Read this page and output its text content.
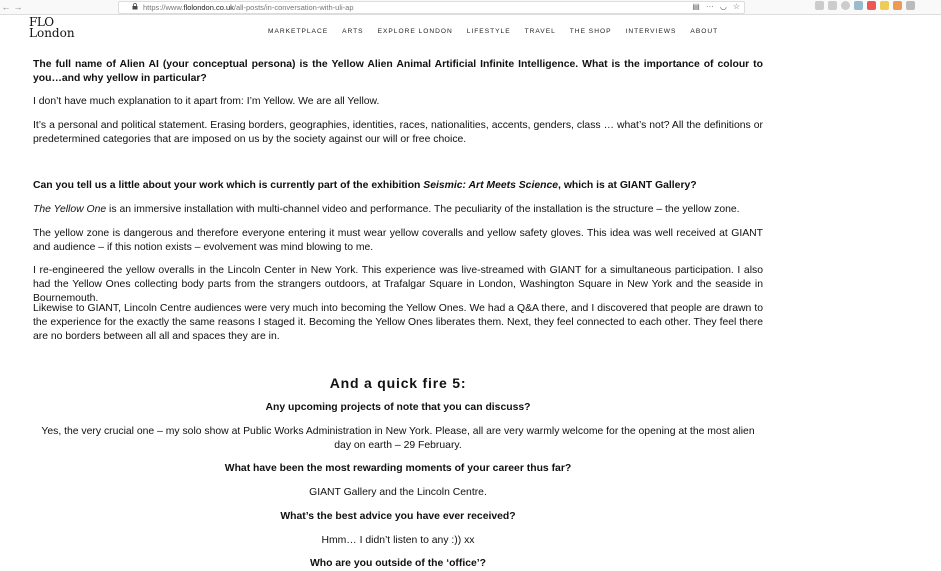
← →	https://www.flolondon.co.uk/all-posts/in-conversation-with-uli-ap	▤ ··· ◡ ☆
FLO
London	MARKETPLACE ARTS EXPLORE LONDON LIFESTYLE TRAVEL THE SHOP INTERVIEWS ABOUT

The full name of Alien AI (your conceptual persona) is the Yellow Alien Animal Artificial Infinite Intelligence. What is the importance of colour to you…and why yellow in particular?

I don’t have much explanation to it apart from: I’m Yellow. We are all Yellow.

It’s a personal and political statement. Erasing borders, geographies, identities, races, nationalities, accents, genders, class … what’s not? All the definitions or predetermined categories that are imposed on us by the society against our will or free choice.

Can you tell us a little about your work which is currently part of the exhibition Seismic: Art Meets Science, which is at GIANT Gallery?

The Yellow One is an immersive installation with multi-channel video and performance. The peculiarity of the installation is the structure – the yellow zone.

The yellow zone is dangerous and therefore everyone entering it must wear yellow coveralls and yellow safety gloves. This idea was well received at GIANT and audience – if this notion exists – evolvement was mind blowing to me.

I re-engineered the yellow overalls in the Lincoln Center in New York. This experience was live-streamed with GIANT for a simultaneous participation. I also had the Yellow Ones collecting body parts from the strangers outdoors, at Trafalgar Square in London, Washington Square in New York and the seaside in Bournemouth.

Likewise to GIANT, Lincoln Centre audiences were very much into becoming the Yellow Ones. We had a Q&A there, and I discovered that people are drawn to the experience for the exactly the same reasons I staged it. Becoming the Yellow Ones liberates them. Next, they feel connected to each other. They feel there are no borders between all all and spaces they are in.

And a quick fire 5:
Any upcoming projects of note that you can discuss?
Yes, the very crucial one – my solo show at Public Works Administration in New York. Please, all are very warmly welcome for the opening at the most alien day on earth – 29 February.
What have been the most rewarding moments of your career thus far?
GIANT Gallery and the Lincoln Centre.
What’s the best advice you have ever received?
Hmm… I didn’t listen to any :)) xx
Who are you outside of the ‘office’?
